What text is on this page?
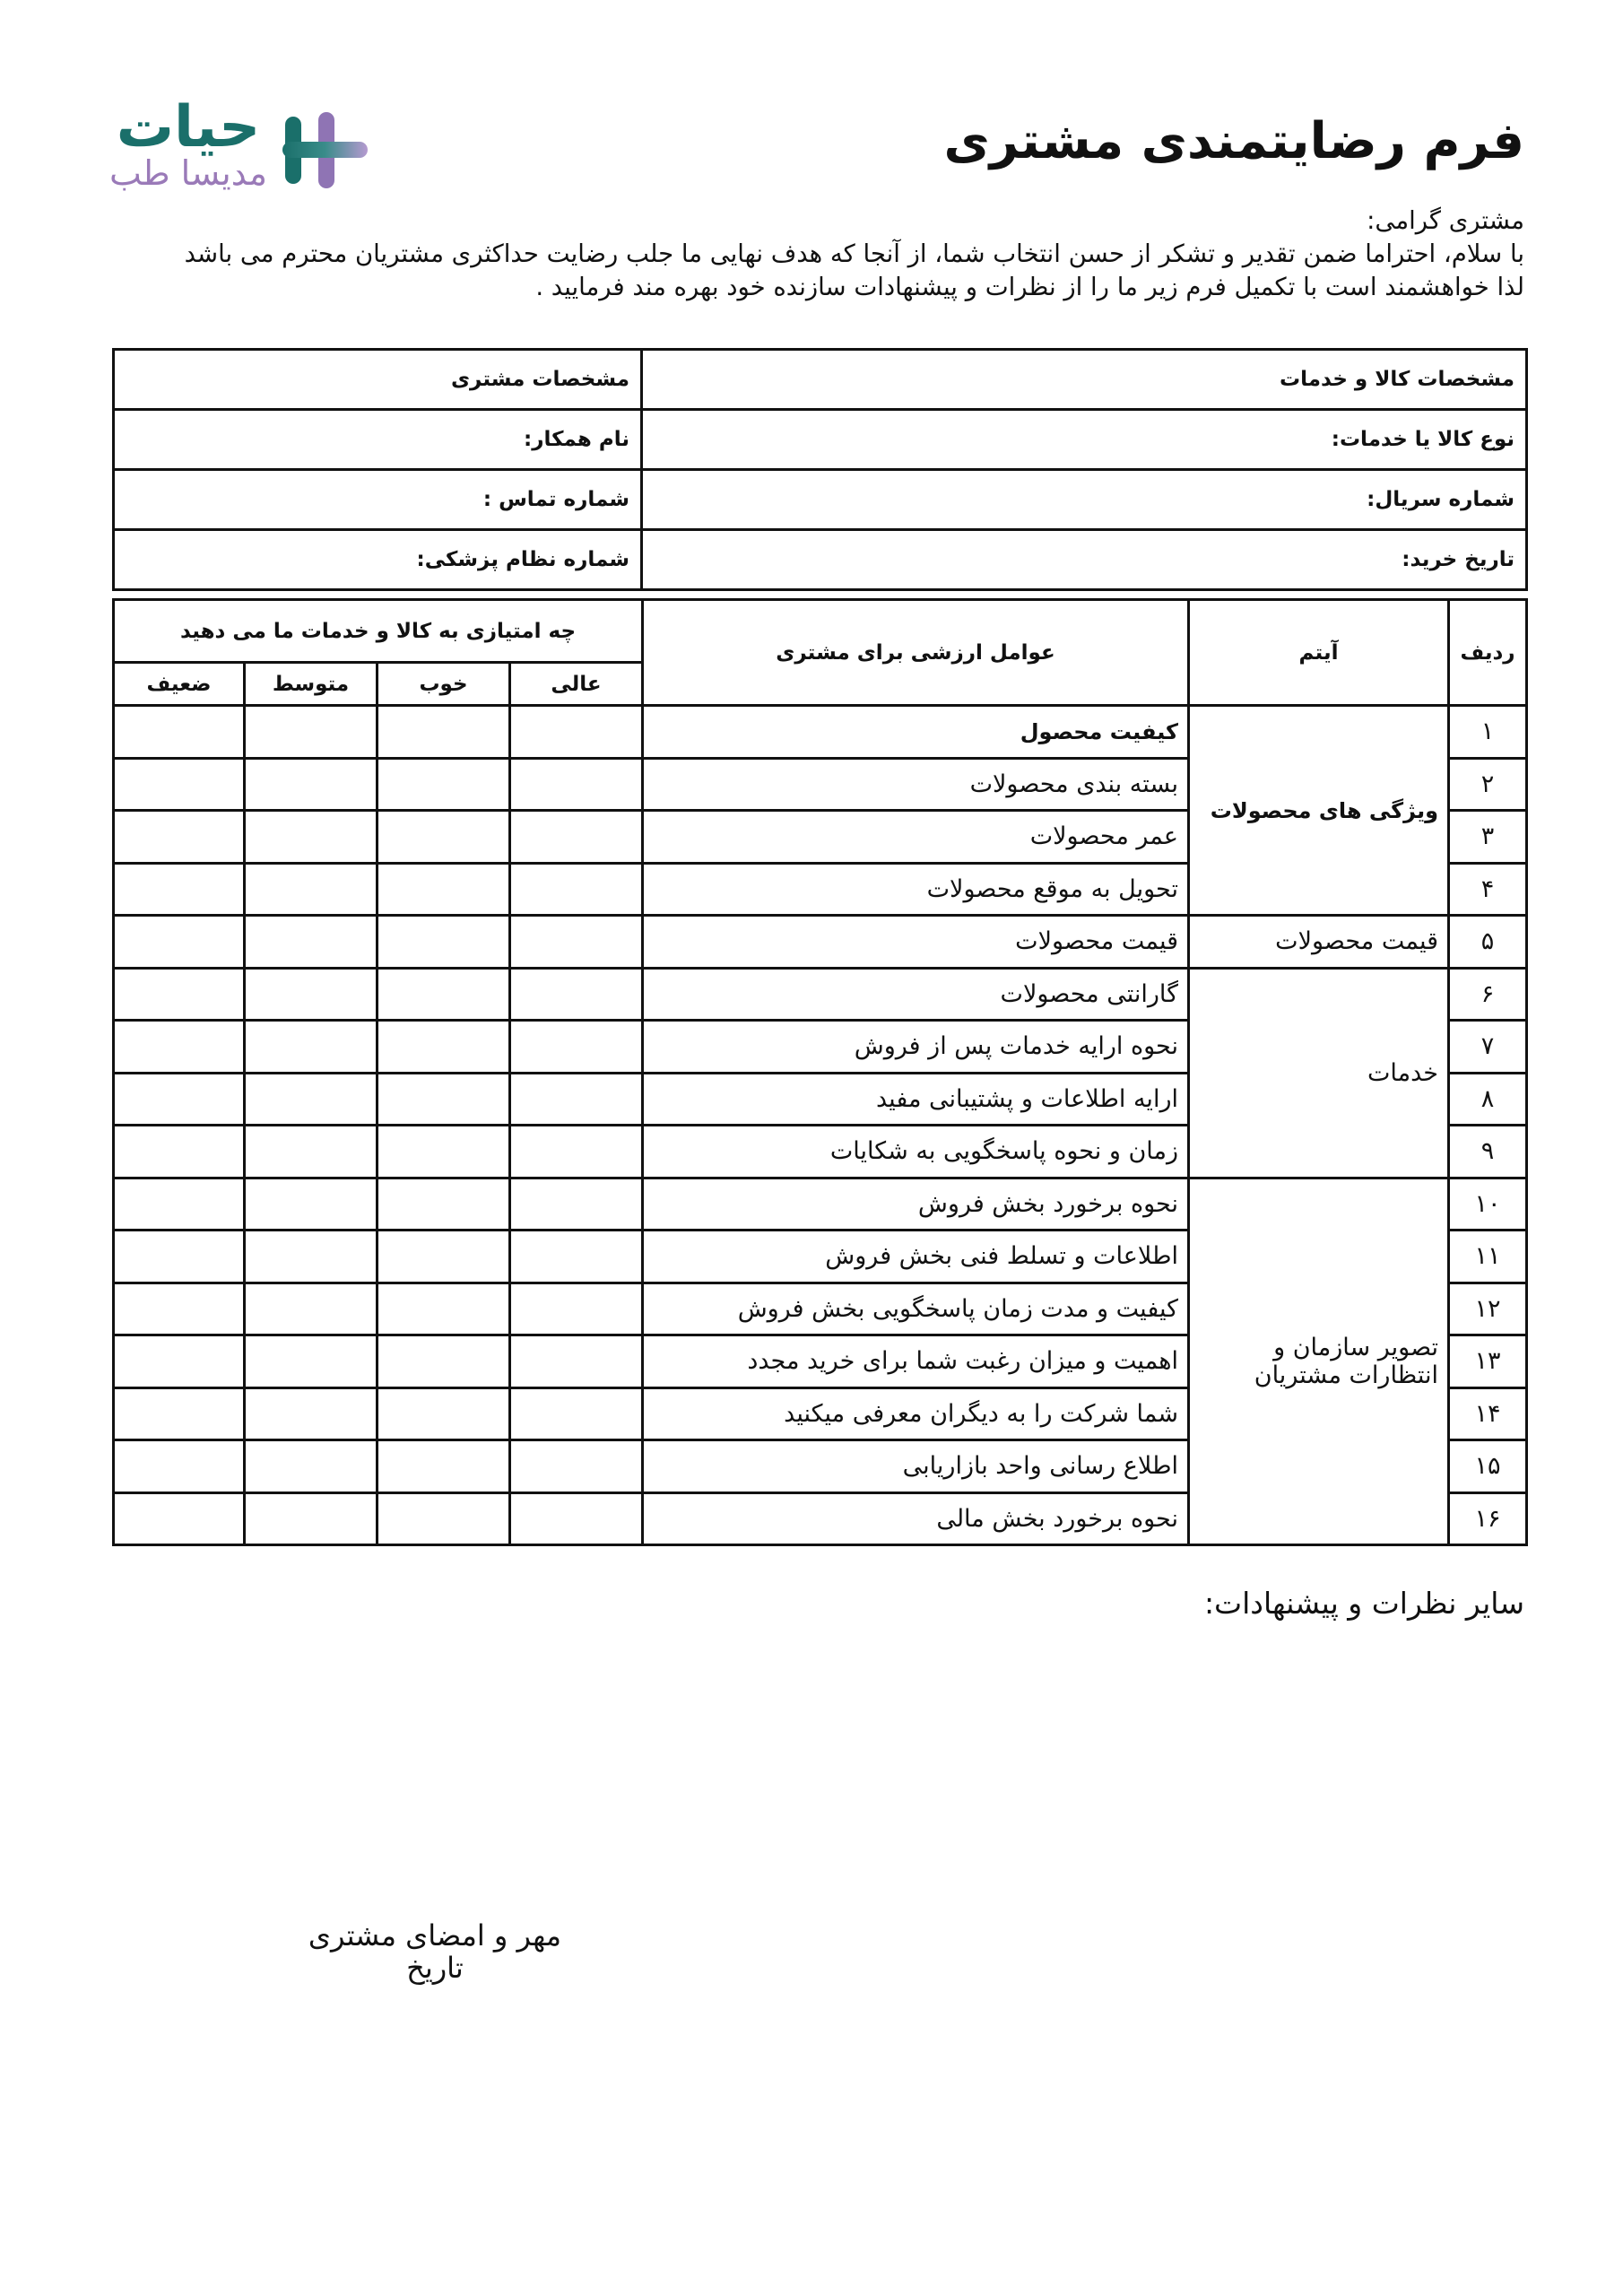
حیات
مدیسا طب
فرم رضایتمندی مشتری
مشتری گرامی:
با سلام، احتراما ضمن تقدیر و تشکر از حسن انتخاب شما، از آنجا که هدف نهایی ما جلب رضایت حداکثری مشتریان محترم می باشد
لذا خواهشمند است با تکمیل فرم زیر ما را از نظرات و پیشنهادات سازنده خود بهره مند فرمایید .
مشخصات کالا و خدمات	مشخصات مشتری
نوع کالا یا خدمات:	نام همکار:
شماره سریال:	شماره تماس :
تاریخ خرید:	شماره نظام پزشکی:
ردیف	آیتم	عوامل ارزشی برای مشتری	چه امتیازی به کالا و خدمات ما می دهید			
			عالی	خوب	متوسط	ضعیف
۱	ویژگی های محصولات	کیفیت محصول				
۲		بسته بندی محصولات				
۳		عمر محصولات				
۴		تحویل به موقع محصولات				
۵	قیمت محصولات	قیمت محصولات				
۶	خدمات	گارانتی محصولات				
۷		نحوه ارایه خدمات پس از فروش				
۸		ارایه اطلاعات و پشتیبانی مفید				
۹		زمان و نحوه پاسخگویی به شکایات				
۱۰	تصویر سازمان و انتظارات مشتریان	نحوه برخورد بخش فروش				
۱۱		اطلاعات و تسلط فنی بخش فروش				
۱۲		کیفیت و مدت زمان پاسخگویی بخش فروش				
۱۳		اهمیت و میزان رغبت شما برای خرید مجدد				
۱۴		شما شرکت را به دیگران معرفی میکنید				
۱۵		اطلاع رسانی واحد بازاریابی				
۱۶		نحوه برخورد بخش مالی				
سایر نظرات و پیشنهادات:
مهر و امضای مشتری
تاریخ
